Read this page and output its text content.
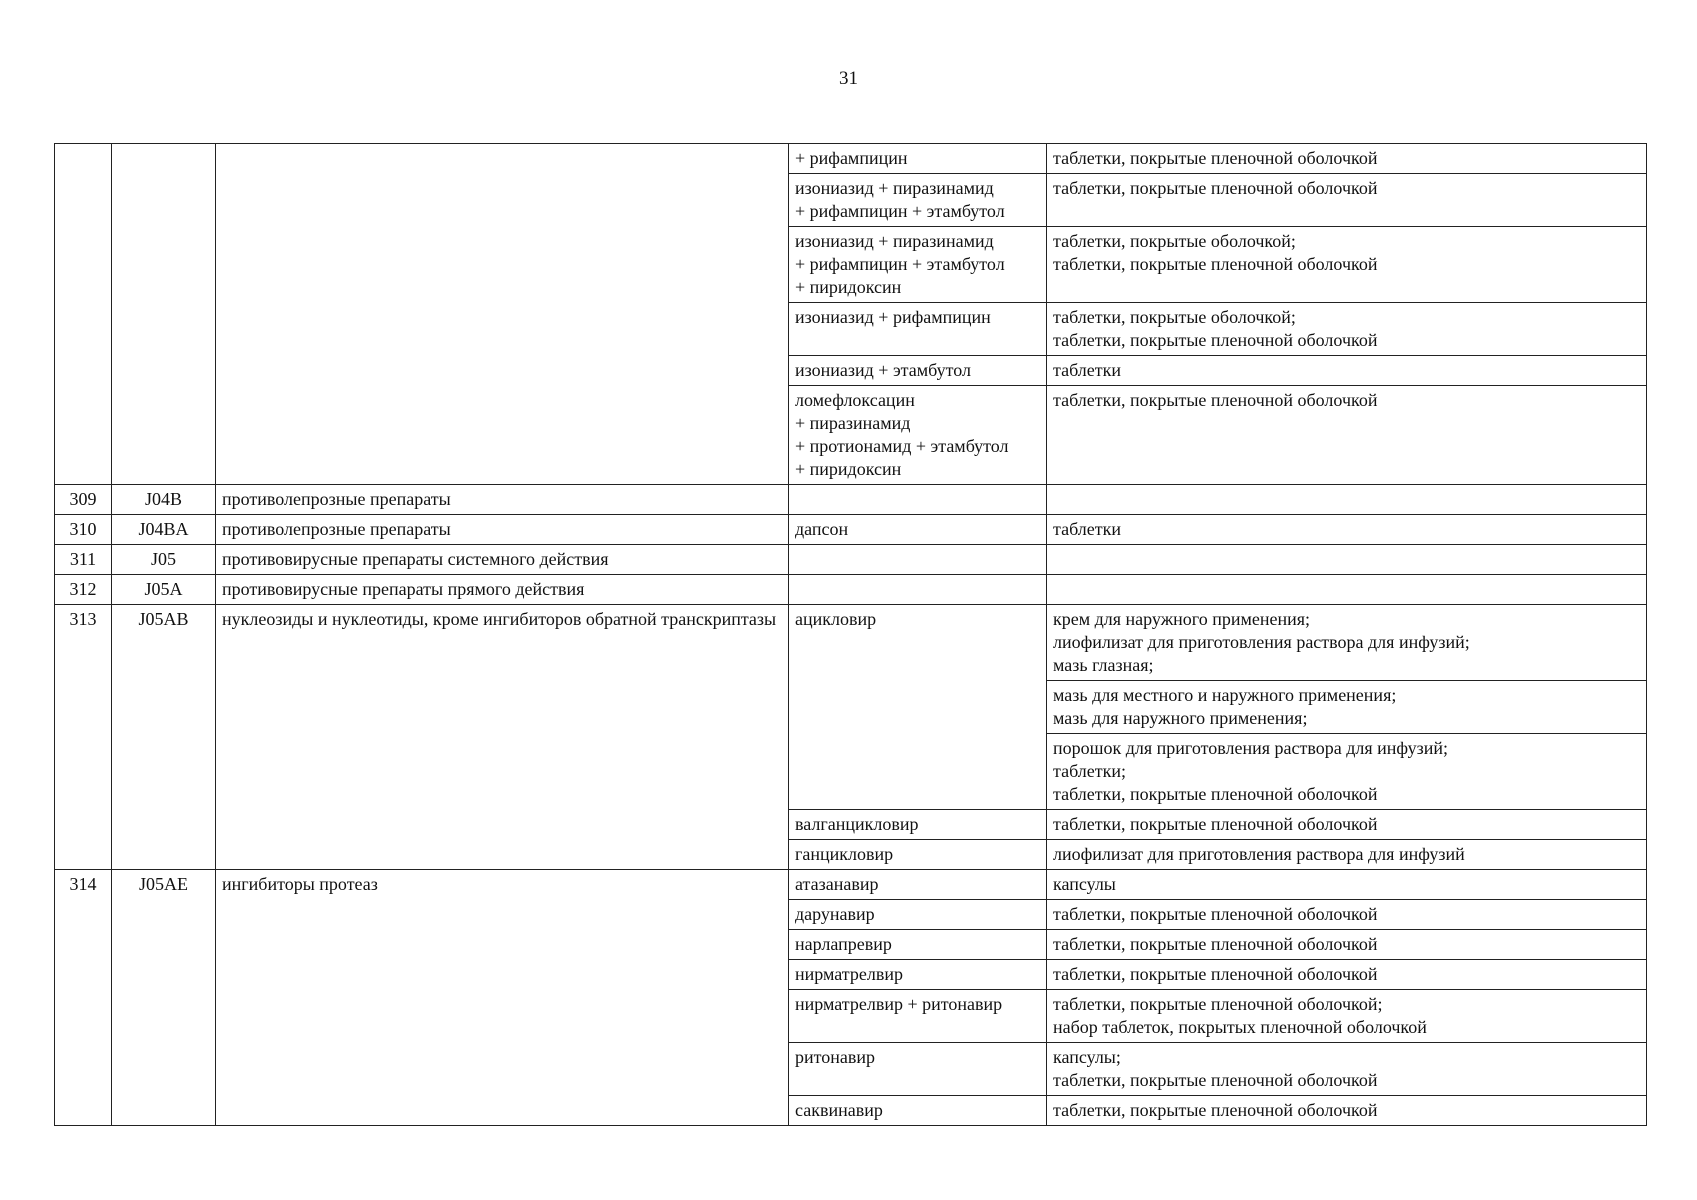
31

			+ рифампицин	таблетки, покрытые пленочной оболочкой

			изониазид + пиразинамид
+ рифампицин + этамбутол	таблетки, покрытые пленочной оболочкой

			изониазид + пиразинамид
+ рифампицин + этамбутол
+ пиридоксин	таблетки, покрытые оболочкой;
таблетки, покрытые пленочной оболочкой

			изониазид + рифампицин	таблетки, покрытые оболочкой;
таблетки, покрытые пленочной оболочкой

			изониазид + этамбутол	таблетки

			ломефлоксацин
+ пиразинамид
+ протионамид + этамбутол
+ пиридоксин	таблетки, покрытые пленочной оболочкой

309	J04B	противолепрозные препараты	

310	J04BA	противолепрозные препараты	дапсон	таблетки

311	J05	противовирусные препараты системного действия	

312	J05A	противовирусные препараты прямого действия	

313	J05AB	нуклеозиды и нуклеотиды, кроме ингибиторов обратной транскриптазы	ацикловир	крем для наружного применения;
лиофилизат для приготовления раствора для инфузий;
мазь глазная;

				мазь для местного и наружного применения;
мазь для наружного применения;

				порошок для приготовления раствора для инфузий;
таблетки;
таблетки, покрытые пленочной оболочкой

			валганцикловир	таблетки, покрытые пленочной оболочкой

			ганцикловир	лиофилизат для приготовления раствора для инфузий

314	J05AE	ингибиторы протеаз	атазанавир	капсулы

			дарунавир	таблетки, покрытые пленочной оболочкой

			нарлапревир	таблетки, покрытые пленочной оболочкой

			нирматрелвир	таблетки, покрытые пленочной оболочкой

			нирматрелвир + ритонавир	таблетки, покрытые пленочной оболочкой;
набор таблеток, покрытых пленочной оболочкой

			ритонавир	капсулы;
таблетки, покрытые пленочной оболочкой

			саквинавир	таблетки, покрытые пленочной оболочкой
